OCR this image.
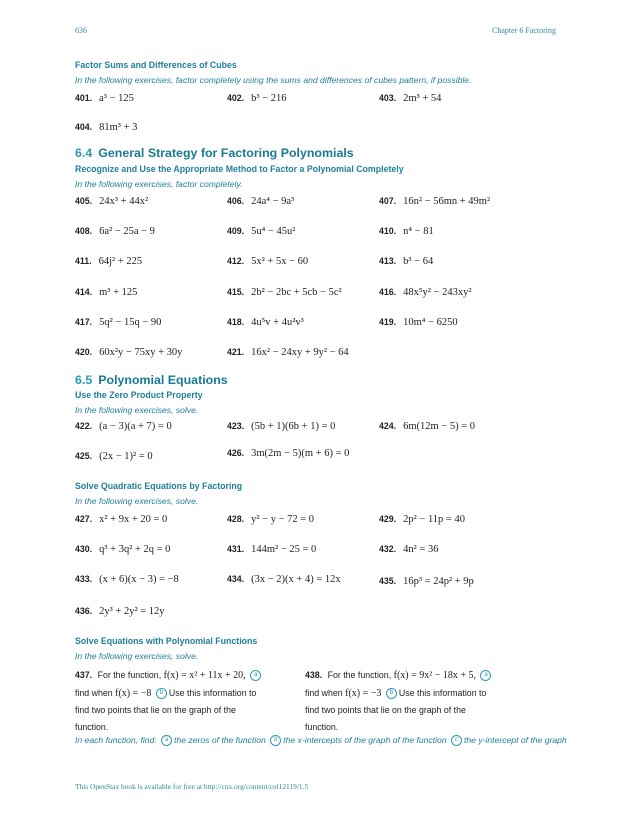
636	Chapter 6 Factoring
Factor Sums and Differences of Cubes
In the following exercises, factor completely using the sums and differences of cubes pattern, if possible.
401. a³ − 125	402. b³ − 216	403. 2m³ + 54
404. 81m³ + 3
6.4 General Strategy for Factoring Polynomials
Recognize and Use the Appropriate Method to Factor a Polynomial Completely
In the following exercises, factor completely.
405. 24x³ + 44x²	406. 24a⁴ − 9a³	407. 16n² − 56mn + 49m²
408. 6a² − 25a − 9	409. 5u⁴ − 45u²	410. n⁴ − 81
411. 64j² + 225	412. 5x² + 5x − 60	413. b³ − 64
414. m³ + 125	415. 2b² − 2bc + 5cb − 5c²	416. 48x⁵y² − 243xy²
417. 5q² − 15q − 90	418. 4u⁵v + 4u²v³	419. 10m⁴ − 6250
420. 60x²y − 75xy + 30y	421. 16x² − 24xy + 9y² − 64
6.5 Polynomial Equations
Use the Zero Product Property
In the following exercises, solve.
422. (a − 3)(a + 7) = 0	423. (5b + 1)(6b + 1) = 0	424. 6m(12m − 5) = 0
425. (2x − 1)² = 0	426. 3m(2m − 5)(m + 6) = 0
Solve Quadratic Equations by Factoring
In the following exercises, solve.
427. x² + 9x + 20 = 0	428. y² − y − 72 = 0	429. 2p² − 11p = 40
430. q³ + 3q² + 2q = 0	431. 144m² − 25 = 0	432. 4n² = 36
433. (x + 6)(x − 3) = −8	434. (3x − 2)(x + 4) = 12x	435. 16p³ = 24p² + 9p
436. 2y³ + 2y² = 12y
Solve Equations with Polynomial Functions
In the following exercises, solve.
437. For the function, f(x) = x² + 11x + 20, afind when f(x) = −8 b Use this information to find two points that lie on the graph of the function.
438. For the function, f(x) = 9x² − 18x + 5, afind when f(x) = −3 b Use this information to find two points that lie on the graph of the function.
In each function, find: a the zeros of the function b the x-intercepts of the graph of the function c the y-intercept of the graph
This OpenStax book is available for free at http://cnx.org/content/col12119/1.5
